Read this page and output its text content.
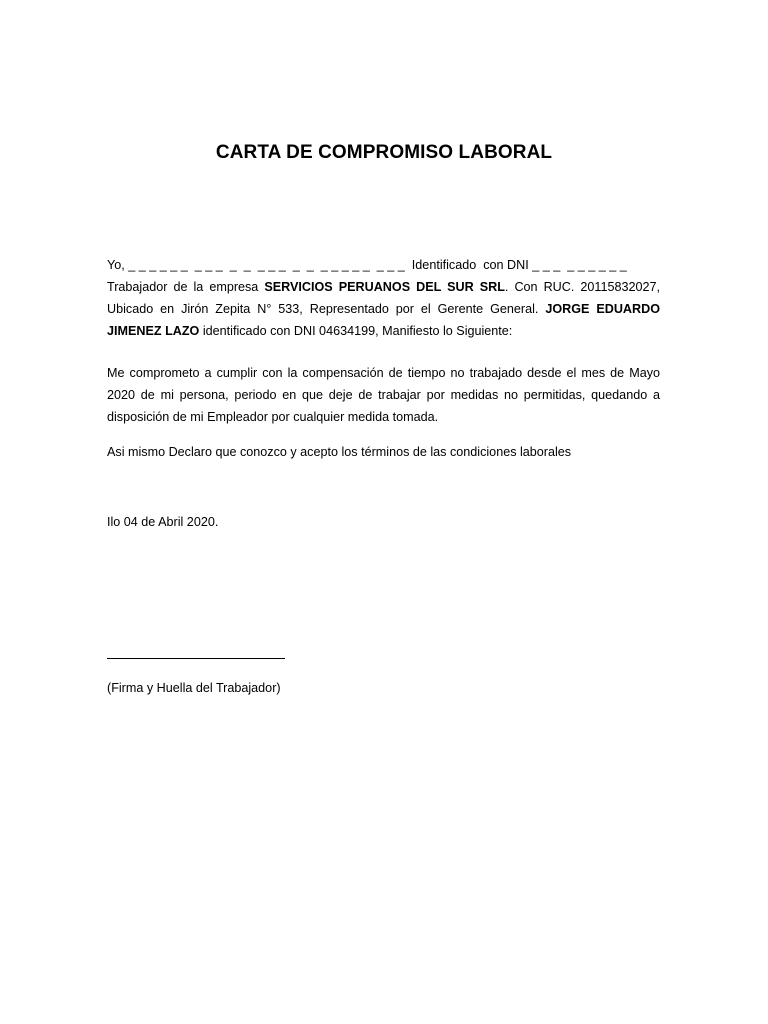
CARTA DE COMPROMISO LABORAL
Yo, _ _ _ _ _ _  _ _ _  _  _  _ _ _  _  _  _ _ _ _ _  _ _ _  Identificado  con DNI _ _ _  _ _ _ _ _ _
Trabajador de la empresa SERVICIOS PERUANOS DEL SUR SRL. Con RUC. 20115832027,
Ubicado en Jirón Zepita N° 533, Representado por el Gerente General. JORGE EDUARDO
JIMENEZ LAZO identificado con DNI 04634199, Manifiesto lo Siguiente:
Me comprometo a cumplir con la compensación de tiempo no trabajado desde el mes de Mayo 2020 de mi persona, periodo en que deje de trabajar por medidas no permitidas, quedando a disposición de mi Empleador por cualquier medida tomada.
Asi mismo Declaro que conozco y acepto los términos de las condiciones laborales
Ilo 04 de Abril 2020.
(Firma y Huella del Trabajador)
